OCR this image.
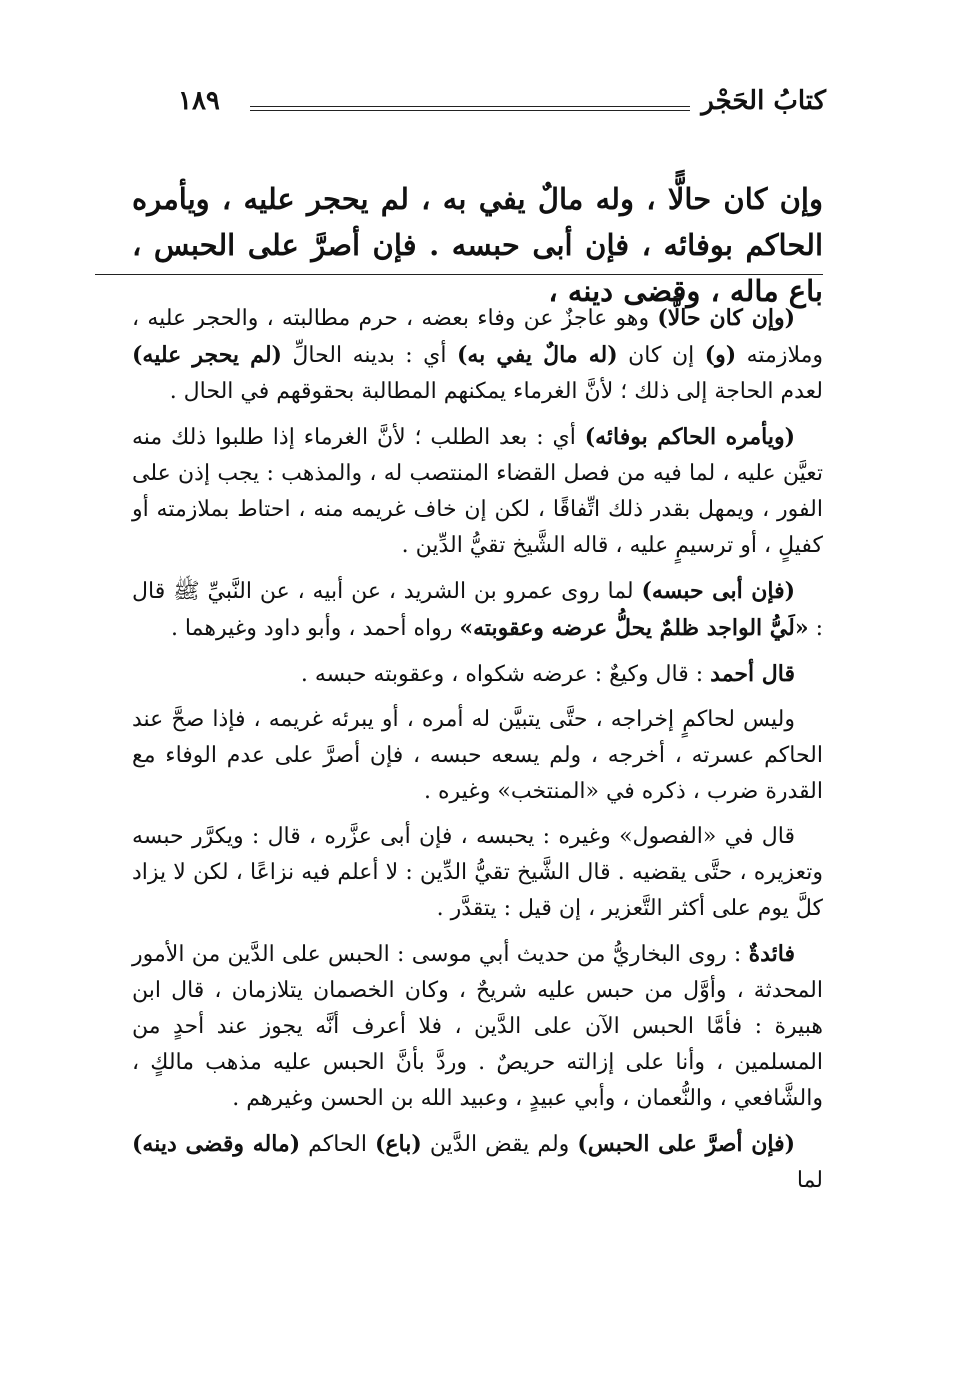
كتابُ الحَجْر
١٨٩
وإن كان حالًّا ، وله مالٌ يفي به ، لم يحجر عليه ، ويأمره الحاكم بوفائه ، فإن أبى حبسه . فإن أصرَّ على الحبس ، باع ماله ، وقضى دينه ،

(وإن كان حالًّا) وهو عاجزٌ عن وفاء بعضه ، حرم مطالبته ، والحجر عليه ، وملازمته (و) إن كان (له مالٌ يفي به) أي : بدينه الحالِّ (لم يحجر عليه) لعدم الحاجة إلى ذلك ؛ لأنَّ الغرماء يمكنهم المطالبة بحقوقهم في الحال .

(ويأمره الحاكم بوفائه) أي : بعد الطلب ؛ لأنَّ الغرماء إذا طلبوا ذلك منه تعيَّن عليه ، لما فيه من فصل القضاء المنتصب له ، والمذهب : يجب إذن على الفور ، ويمهل بقدر ذلك اتِّفاقًا ، لكن إن خاف غريمه منه ، احتاط بملازمته أو كفيلٍ ، أو ترسيمٍ عليه ، قاله الشَّيخ تقيُّ الدِّين .

(فإن أبى حبسه) لما روى عمرو بن الشريد ، عن أبيه ، عن النَّبيِّ ﷺ قال : «لَيُّ الواجد ظلمٌ يحلُّ عرضه وعقوبته» رواه أحمد ، وأبو داود وغيرهما .

قال أحمد : قال وكيعٌ : عرضه شكواه ، وعقوبته حبسه .

وليس لحاكمٍ إخراجه ، حتَّى يتبيَّن له أمره ، أو يبرئه غريمه ، فإذا صحَّ عند الحاكم عسرته ، أخرجه ، ولم يسعه حبسه ، فإن أصرَّ على عدم الوفاء مع القدرة ضرب ، ذكره في «المنتخب» وغيره .

قال في «الفصول» وغيره : يحبسه ، فإن أبى عزَّره ، قال : ويكرَّر حبسه وتعزيره ، حتَّى يقضيه . قال الشَّيخ تقيُّ الدِّين : لا أعلم فيه نزاعًا ، لكن لا يزاد كلَّ يوم على أكثر التَّعزير ، إن قيل : يتقدَّر .

فائدةٌ : روى البخاريُّ من حديث أبي موسى : الحبس على الدَّين من الأمور المحدثة ، وأوَّل من حبس عليه شريحٌ ، وكان الخصمان يتلازمان ، قال ابن هبيرة : فأمَّا الحبس الآن على الدَّين ، فلا أعرف أنَّه يجوز عند أحدٍ من المسلمين ، وأنا على إزالته حريصٌ . وردَّ بأنَّ الحبس عليه مذهب مالكٍ ، والشَّافعي ، والنُّعمان ، وأبي عبيدٍ ، وعبيد الله بن الحسن وغيرهم .

(فإن أصرَّ على الحبس) ولم يقض الدَّين (باع) الحاكم (ماله وقضى دينه) لما
